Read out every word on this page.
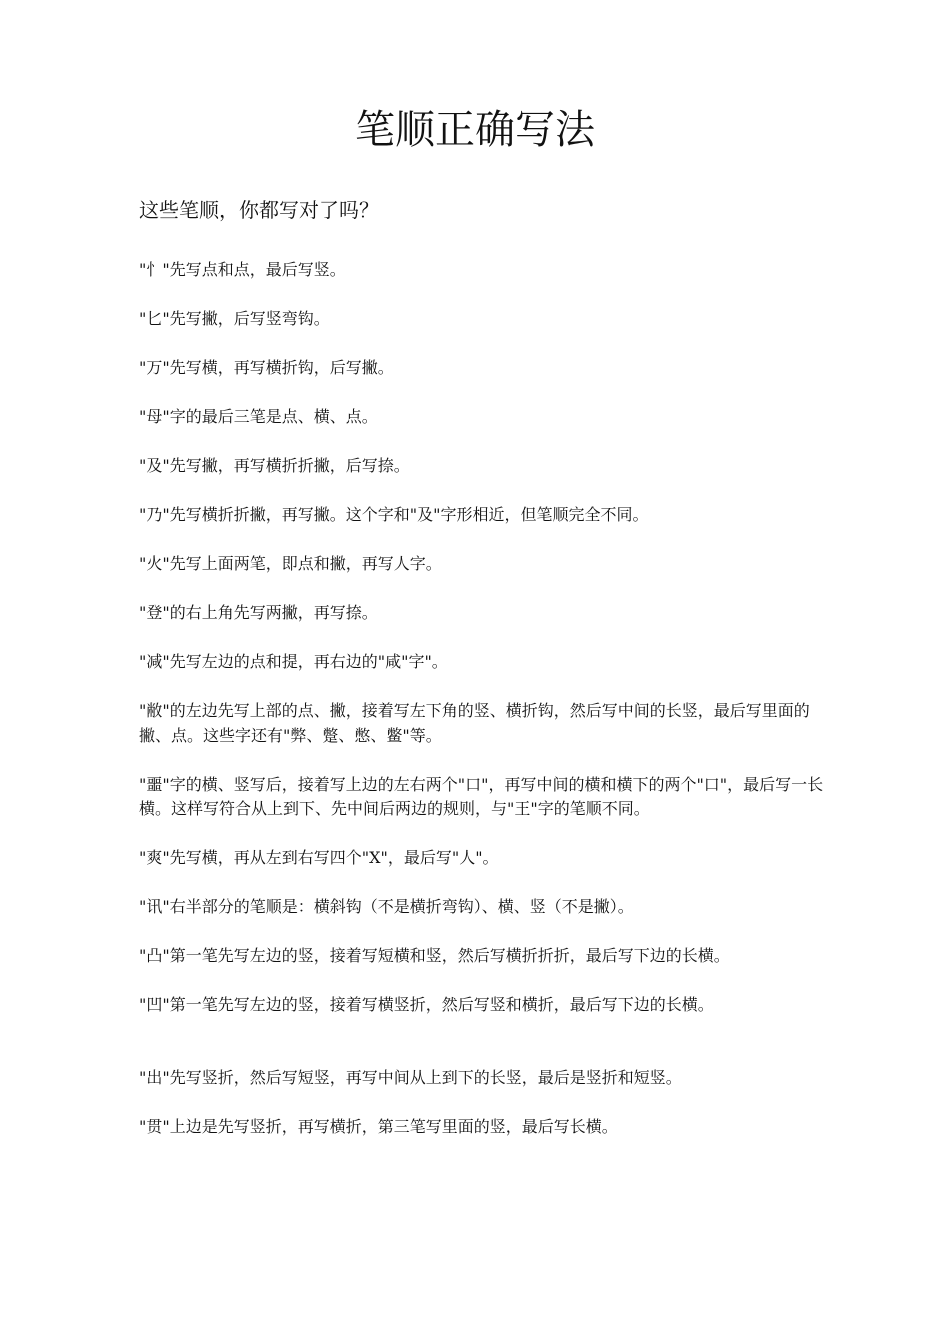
笔顺正确写法

这些笔顺，你都写对了吗？

"忄"先写点和点，最后写竖。
"匕"先写撇，后写竖弯钩。
"万"先写横，再写横折钩，后写撇。
"母"字的最后三笔是点、横、点。
"及"先写撇，再写横折折撇，后写捺。
"乃"先写横折折撇，再写撇。这个字和"及"字形相近，但笔顺完全不同。
"火"先写上面两笔，即点和撇，再写人字。
"登"的右上角先写两撇，再写捺。
"减"先写左边的点和提，再右边的"咸"字"。
"敝"的左边先写上部的点、撇，接着写左下角的竖、横折钩，然后写中间的长竖，最后写里面的撇、点。这些字还有"弊、蹩、憋、鳖"等。
"噩"字的横、竖写后，接着写上边的左右两个"口"，再写中间的横和横下的两个"口"，最后写一长横。这样写符合从上到下、先中间后两边的规则，与"王"字的笔顺不同。
"爽"先写横，再从左到右写四个"X"，最后写"人"。
"讯"右半部分的笔顺是：横斜钩（不是横折弯钩）、横、竖（不是撇）。
"凸"第一笔先写左边的竖，接着写短横和竖，然后写横折折折，最后写下边的长横。
"凹"第一笔先写左边的竖，接着写横竖折，然后写竖和横折，最后写下边的长横。
"出"先写竖折，然后写短竖，再写中间从上到下的长竖，最后是竖折和短竖。
"贯"上边是先写竖折，再写横折，第三笔写里面的竖，最后写长横。
